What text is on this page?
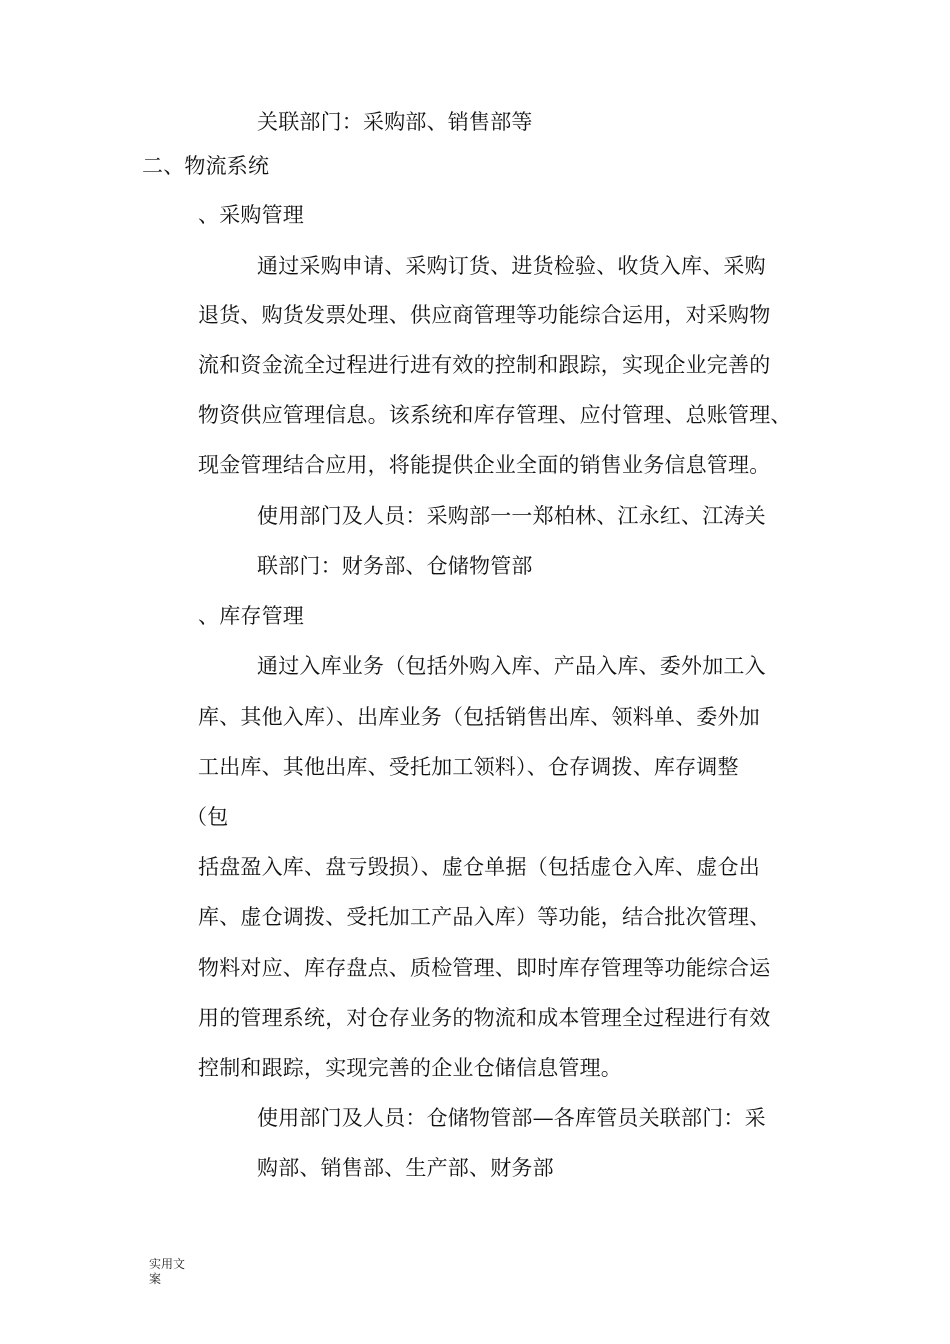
关联部门：采购部、销售部等
二、物流系统
、采购管理
通过采购申请、采购订货、进货检验、收货入库、采购
退货、购货发票处理、供应商管理等功能综合运用，对采购物
流和资金流全过程进行进有效的控制和跟踪，实现企业完善的
物资供应管理信息。该系统和库存管理、应付管理、总账管理、
现金管理结合应用，将能提供企业全面的销售业务信息管理。
使用部门及人员：采购部一一郑柏林、江永红、江涛关
联部门：财务部、仓储物管部
、库存管理
通过入库业务（包括外购入库、产品入库、委外加工入
库、其他入库）、出库业务（包括销售出库、领料单、委外加
工出库、其他出库、受托加工领料）、仓存调拨、库存调整
（包
括盘盈入库、盘亏毁损）、虚仓单据（包括虚仓入库、虚仓出
库、虚仓调拨、受托加工产品入库）等功能，结合批次管理、
物料对应、库存盘点、质检管理、即时库存管理等功能综合运
用的管理系统，对仓存业务的物流和成本管理全过程进行有效
控制和跟踪，实现完善的企业仓储信息管理。
使用部门及人员：仓储物管部—各库管员关联部门：采
购部、销售部、生产部、财务部
实用文
案
